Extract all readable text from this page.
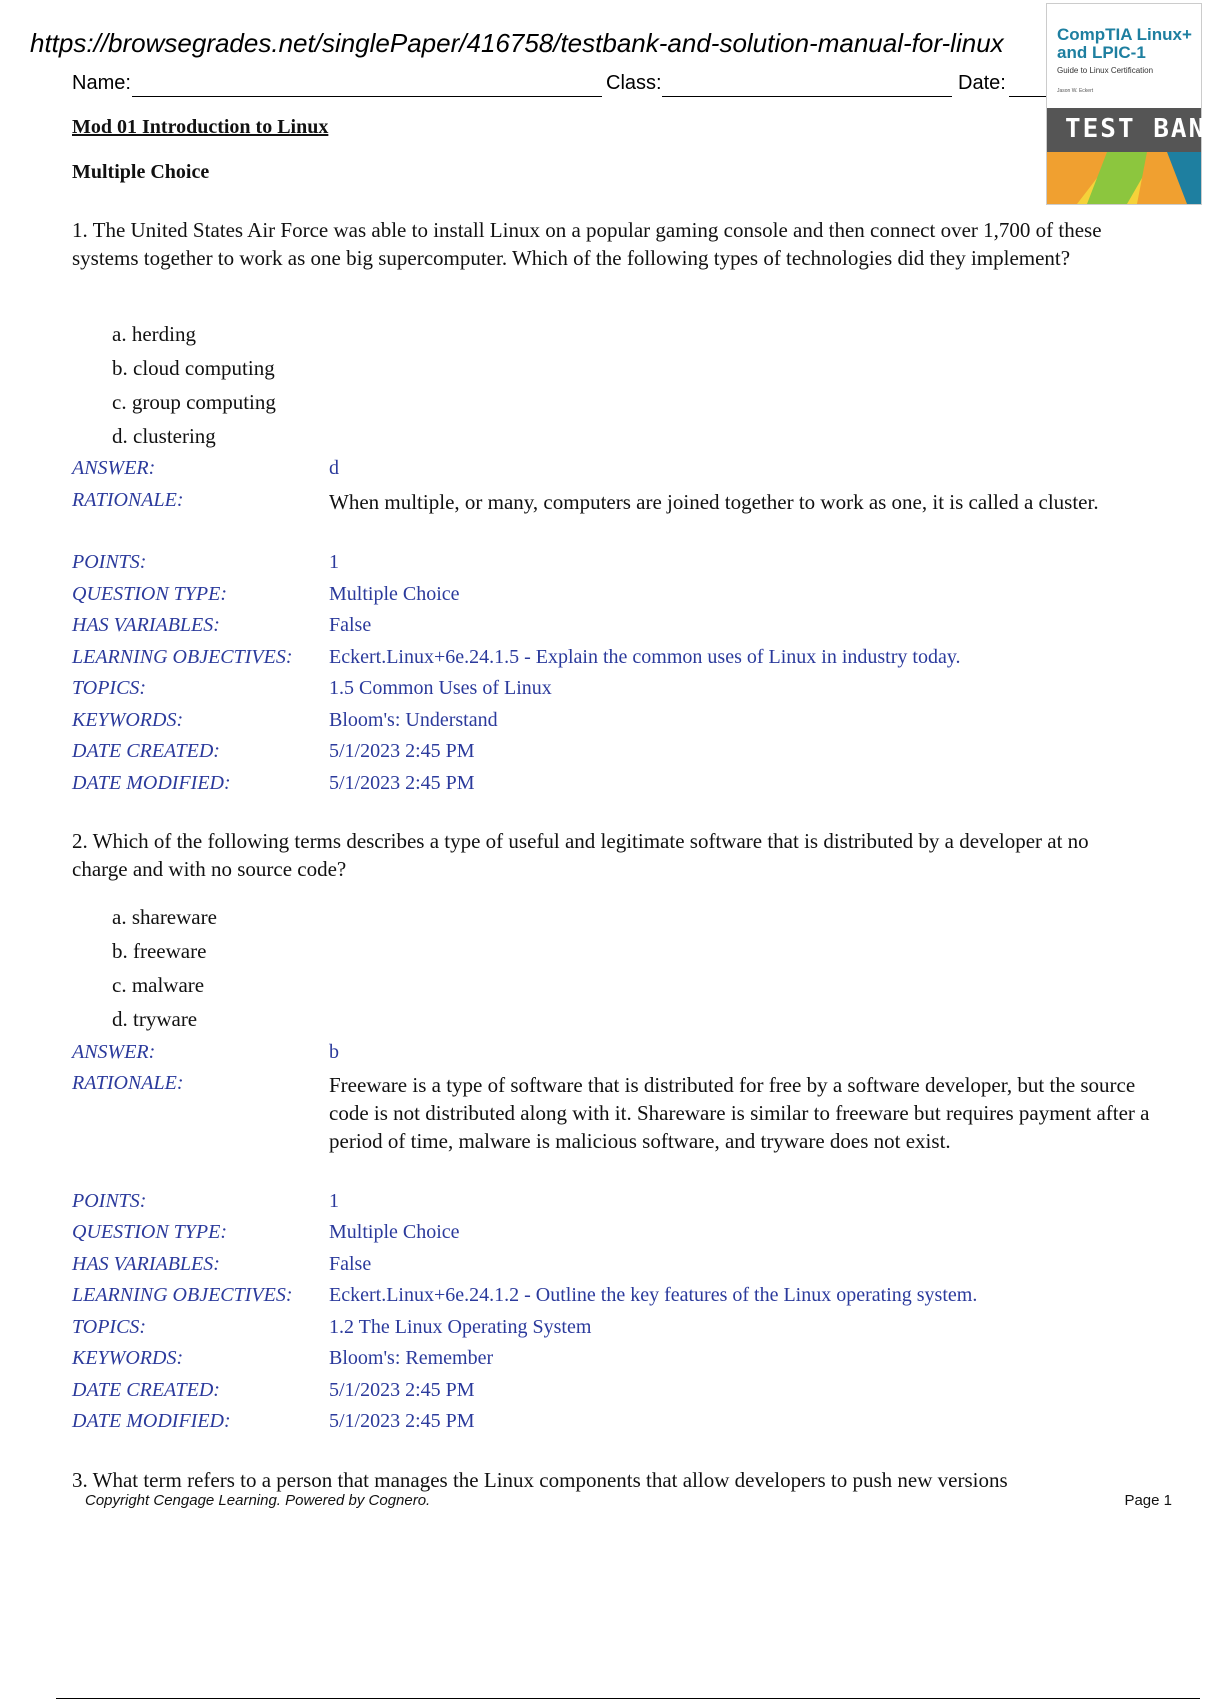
https://browsegrades.net/singlePaper/416758/testbank-and-solution-manual-for-linux
Name:	Class:	Date:
CompTIA Linux+
and LPIC-1
Guide to Linux Certification
Jason W. Eckert
TEST BANK
Mod 01 Introduction to Linux
Multiple Choice
1. The United States Air Force was able to install Linux on a popular gaming console and then connect over 1,700 of these systems together to work as one big supercomputer. Which of the following types of technologies did they implement?
a. herding
b. cloud computing
c. group computing
d. clustering
ANSWER:	d
RATIONALE:	When multiple, or many, computers are joined together to work as one, it is called a cluster.
POINTS:	1
QUESTION TYPE:	Multiple Choice
HAS VARIABLES:	False
LEARNING OBJECTIVES: Eckert.Linux+6e.24.1.5 - Explain the common uses of Linux in industry today.
TOPICS:	1.5 Common Uses of Linux
KEYWORDS:	Bloom's: Understand
DATE CREATED:	5/1/2023 2:45 PM
DATE MODIFIED:	5/1/2023 2:45 PM
2. Which of the following terms describes a type of useful and legitimate software that is distributed by a developer at no charge and with no source code?
a. shareware
b. freeware
c. malware
d. tryware
ANSWER:	b
RATIONALE:	Freeware is a type of software that is distributed for free by a software developer, but the source code is not distributed along with it. Shareware is similar to freeware but requires payment after a period of time, malware is malicious software, and tryware does not exist.
POINTS:	1
QUESTION TYPE:	Multiple Choice
HAS VARIABLES:	False
LEARNING OBJECTIVES: Eckert.Linux+6e.24.1.2 - Outline the key features of the Linux operating system.
TOPICS:	1.2 The Linux Operating System
KEYWORDS:	Bloom's: Remember
DATE CREATED:	5/1/2023 2:45 PM
DATE MODIFIED:	5/1/2023 2:45 PM
3. What term refers to a person that manages the Linux components that allow developers to push new versions
Copyright Cengage Learning. Powered by Cognero.	Page 1
